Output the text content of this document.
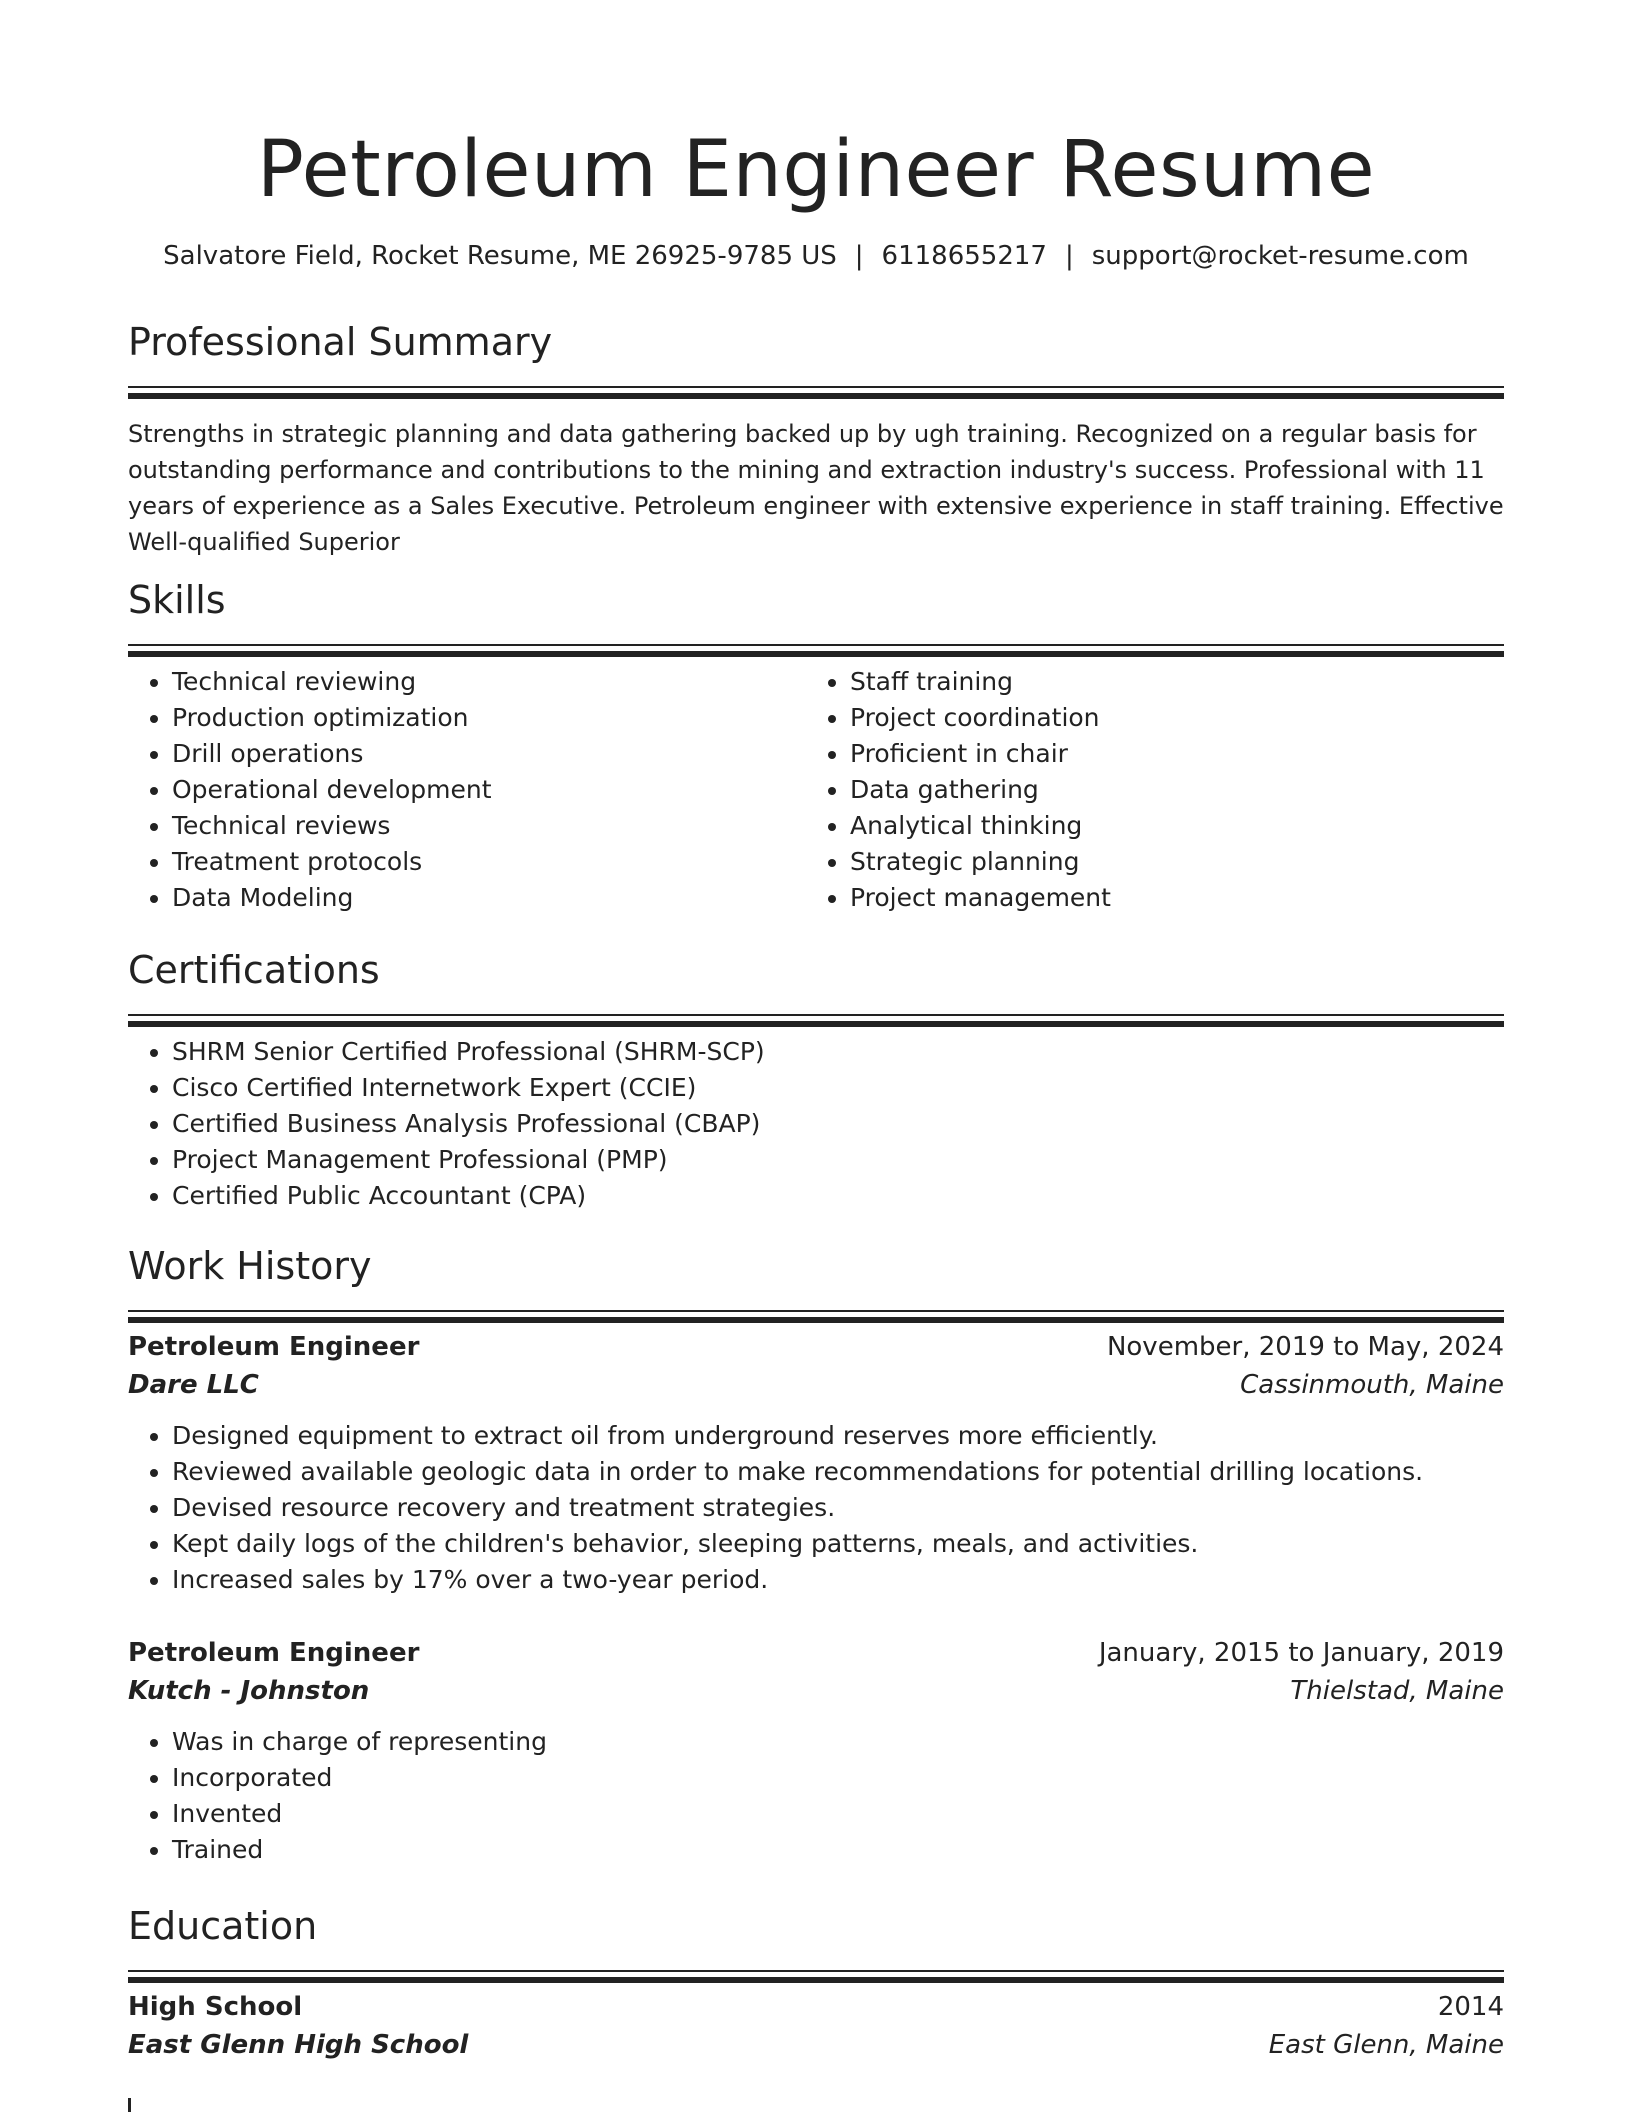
Petroleum Engineer Resume
Salvatore Field, Rocket Resume, ME 26925-9785 US | 6118655217 | support@rocket-resume.com
Professional Summary
Strengths in strategic planning and data gathering backed up by ugh training. Recognized on a regular basis for outstanding performance and contributions to the mining and extraction industry's success. Professional with 11 years of experience as a Sales Executive. Petroleum engineer with extensive experience in staff training. Effective Well-qualified Superior
Skills
• Technical reviewing
• Production optimization
• Drill operations
• Operational development
• Technical reviews
• Treatment protocols
• Data Modeling
• Staff training
• Project coordination
• Proficient in chair
• Data gathering
• Analytical thinking
• Strategic planning
• Project management
Certifications
• SHRM Senior Certified Professional (SHRM-SCP)
• Cisco Certified Internetwork Expert (CCIE)
• Certified Business Analysis Professional (CBAP)
• Project Management Professional (PMP)
• Certified Public Accountant (CPA)
Work History
Petroleum Engineer	November, 2019 to May, 2024
Dare LLC	Cassinmouth, Maine
• Designed equipment to extract oil from underground reserves more efficiently.
• Reviewed available geologic data in order to make recommendations for potential drilling locations.
• Devised resource recovery and treatment strategies.
• Kept daily logs of the children's behavior, sleeping patterns, meals, and activities.
• Increased sales by 17% over a two-year period.
Petroleum Engineer	January, 2015 to January, 2019
Kutch - Johnston	Thielstad, Maine
• Was in charge of representing
• Incorporated
• Invented
• Trained
Education
High School	2014
East Glenn High School	East Glenn, Maine
